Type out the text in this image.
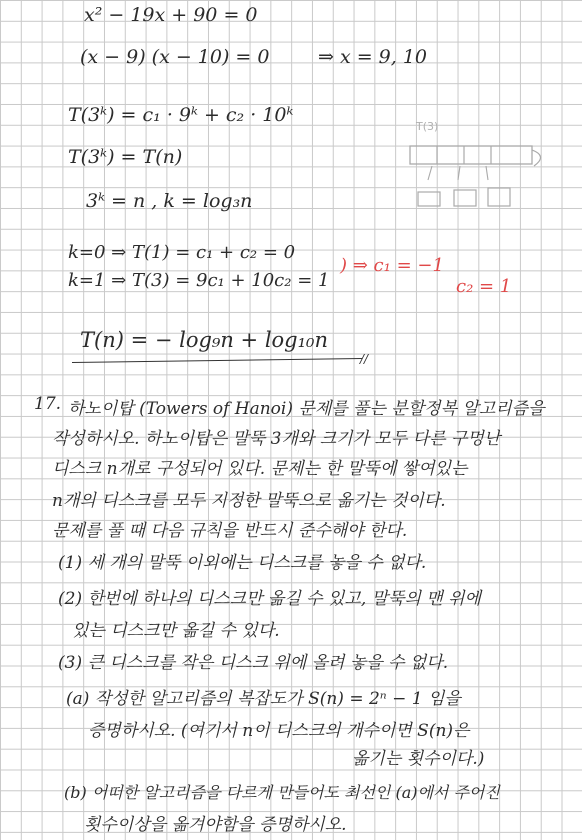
x² − 19x + 90 = 0
(x − 9) (x − 10) = 0	⇒ x = 9, 10
T(3ᵏ) = c₁ · 9ᵏ + c₂ · 10ᵏ
T(3ᵏ) = T(n)
3ᵏ = n , k = log₃n
k=0 ⇒ T(1) = c₁ + c₂ = 0
k=1 ⇒ T(3) = 9c₁ + 10c₂ = 1
) ⇒ c₁ = −1
c₂ = 1
T(n) = − log₉n + log₁₀n
//
T(3)
17. 하노이탑 (Towers of Hanoi) 문제를 풀는 분할정복 알고리즘을
작성하시오. 하노이탑은 말뚝 3개와 크기가 모두 다른 구멍난
디스크 n개로 구성되어 있다. 문제는 한 말뚝에 쌓여있는
n개의 디스크를 모두 지정한 말뚝으로 옮기는 것이다.
문제를 풀 때 다음 규칙을 반드시 준수해야 한다.
(1) 세 개의 말뚝 이외에는 디스크를 놓을 수 없다.
(2) 한번에 하나의 디스크만 옮길 수 있고, 말뚝의 맨 위에
있는 디스크만 옮길 수 있다.
(3) 큰 디스크를 작은 디스크 위에 올려 놓을 수 없다.
(a) 작성한 알고리즘의 복잡도가 S(n) = 2ⁿ − 1 임을
증명하시오. (여기서 n이 디스크의 개수이면 S(n)은
옮기는 횟수이다.)
(b) 어떠한 알고리즘을 다르게 만들어도 최선인 (a)에서 주어진
횟수이상을 옮겨야함을 증명하시오.
